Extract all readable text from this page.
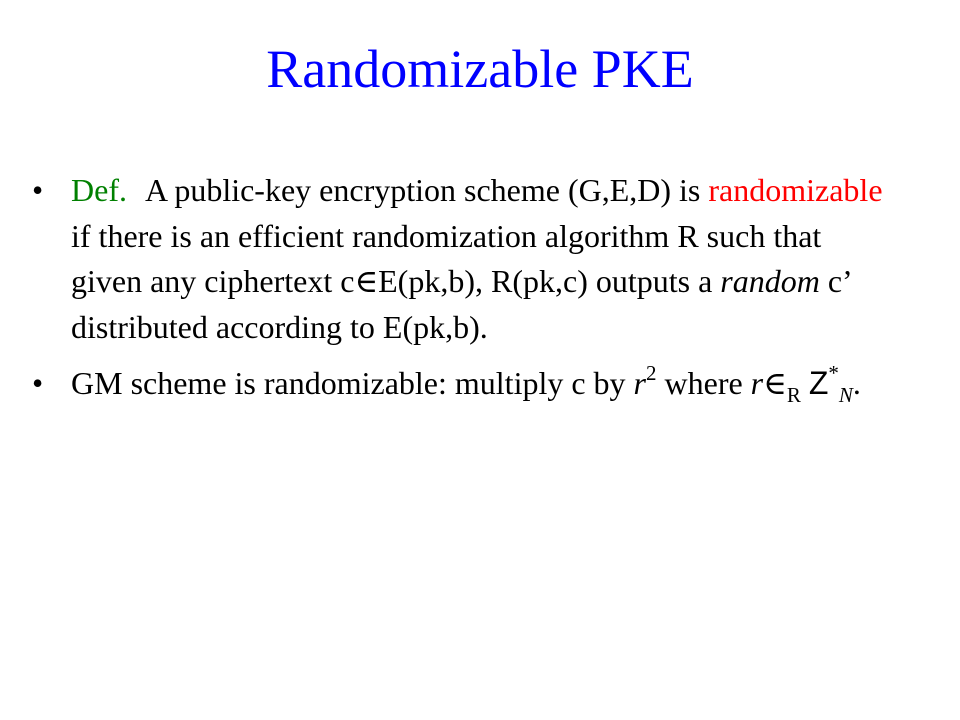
Randomizable PKE
• Def. A public-key encryption scheme (G,E,D) is randomizable if there is an efficient randomization algorithm R such that given any ciphertext c∈E(pk,b), R(pk,c) outputs a random c’ distributed according to E(pk,b).
• GM scheme is randomizable: multiply c by $r^2$ where $r\in_R$ $Z^*_N$.
